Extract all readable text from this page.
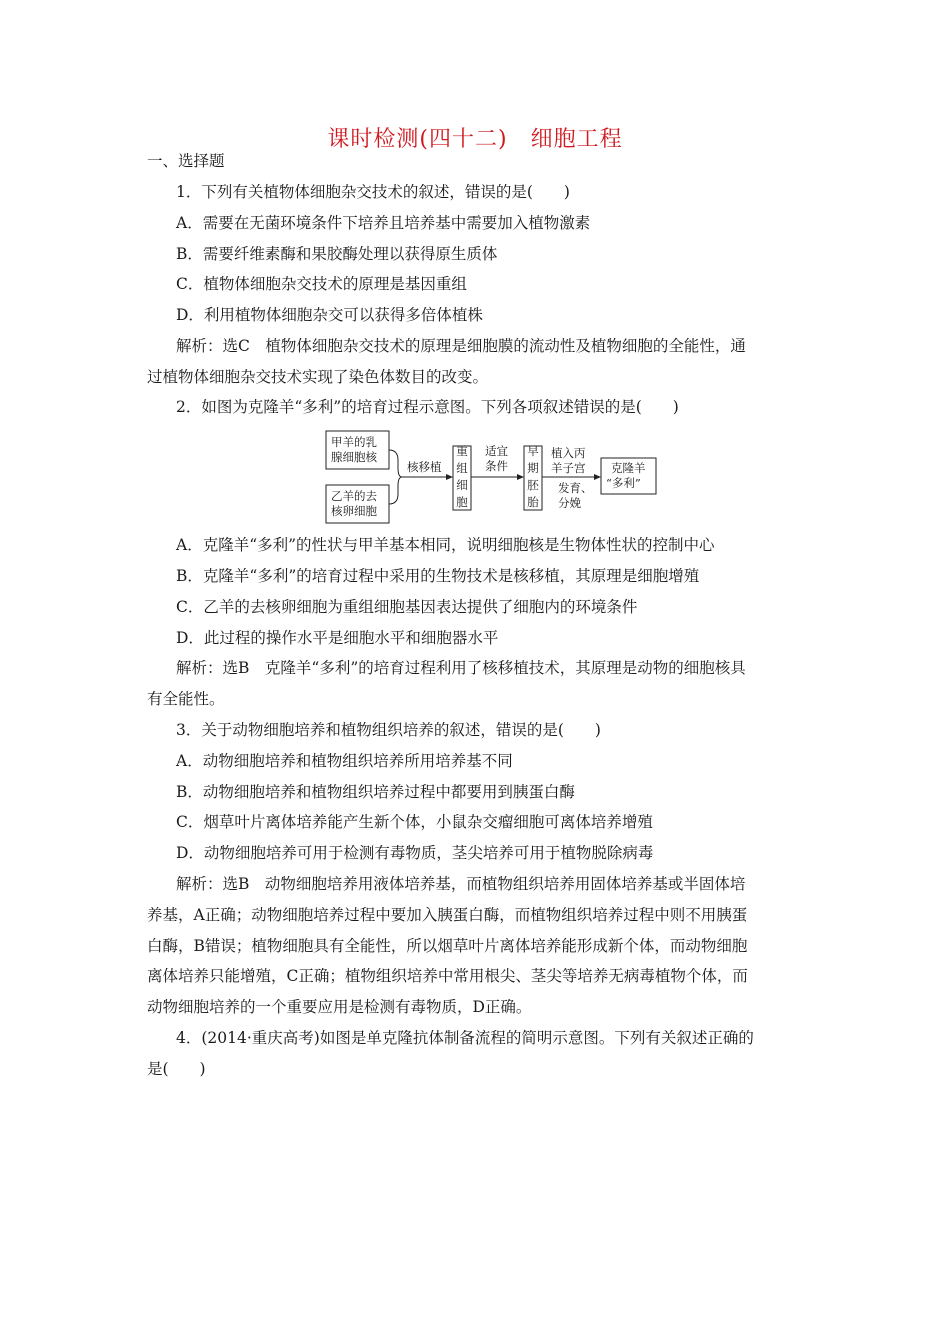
课时检测(四十二)　细胞工程
一、选择题
1．下列有关植物体细胞杂交技术的叙述，错误的是(　　)
A．需要在无菌环境条件下培养且培养基中需要加入植物激素
B．需要纤维素酶和果胶酶处理以获得原生质体
C．植物体细胞杂交技术的原理是基因重组
D．利用植物体细胞杂交可以获得多倍体植株
解析：选C　植物体细胞杂交技术的原理是细胞膜的流动性及植物细胞的全能性，通
过植物体细胞杂交技术实现了染色体数目的改变。
2．如图为克隆羊“多利”的培育过程示意图。下列各项叙述错误的是(　　)
甲羊的乳
腺细胞核
乙羊的去
核卵细胞
核移植
重组细胞
适宜
条件
早期胚胎
植入丙
羊子宫
发育、
分娩
克隆羊
“多利”
A．克隆羊“多利”的性状与甲羊基本相同，说明细胞核是生物体性状的控制中心
B．克隆羊“多利”的培育过程中采用的生物技术是核移植，其原理是细胞增殖
C．乙羊的去核卵细胞为重组细胞基因表达提供了细胞内的环境条件
D．此过程的操作水平是细胞水平和细胞器水平
解析：选B　克隆羊“多利”的培育过程利用了核移植技术，其原理是动物的细胞核具
有全能性。
3．关于动物细胞培养和植物组织培养的叙述，错误的是(　　)
A．动物细胞培养和植物组织培养所用培养基不同
B．动物细胞培养和植物组织培养过程中都要用到胰蛋白酶
C．烟草叶片离体培养能产生新个体，小鼠杂交瘤细胞可离体培养增殖
D．动物细胞培养可用于检测有毒物质，茎尖培养可用于植物脱除病毒
解析：选B　动物细胞培养用液体培养基，而植物组织培养用固体培养基或半固体培
养基，A正确；动物细胞培养过程中要加入胰蛋白酶，而植物组织培养过程中则不用胰蛋
白酶，B错误；植物细胞具有全能性，所以烟草叶片离体培养能形成新个体，而动物细胞
离体培养只能增殖，C正确；植物组织培养中常用根尖、茎尖等培养无病毒植物个体，而
动物细胞培养的一个重要应用是检测有毒物质，D正确。
4．(2014·重庆高考)如图是单克隆抗体制备流程的简明示意图。下列有关叙述正确的
是(　　)
